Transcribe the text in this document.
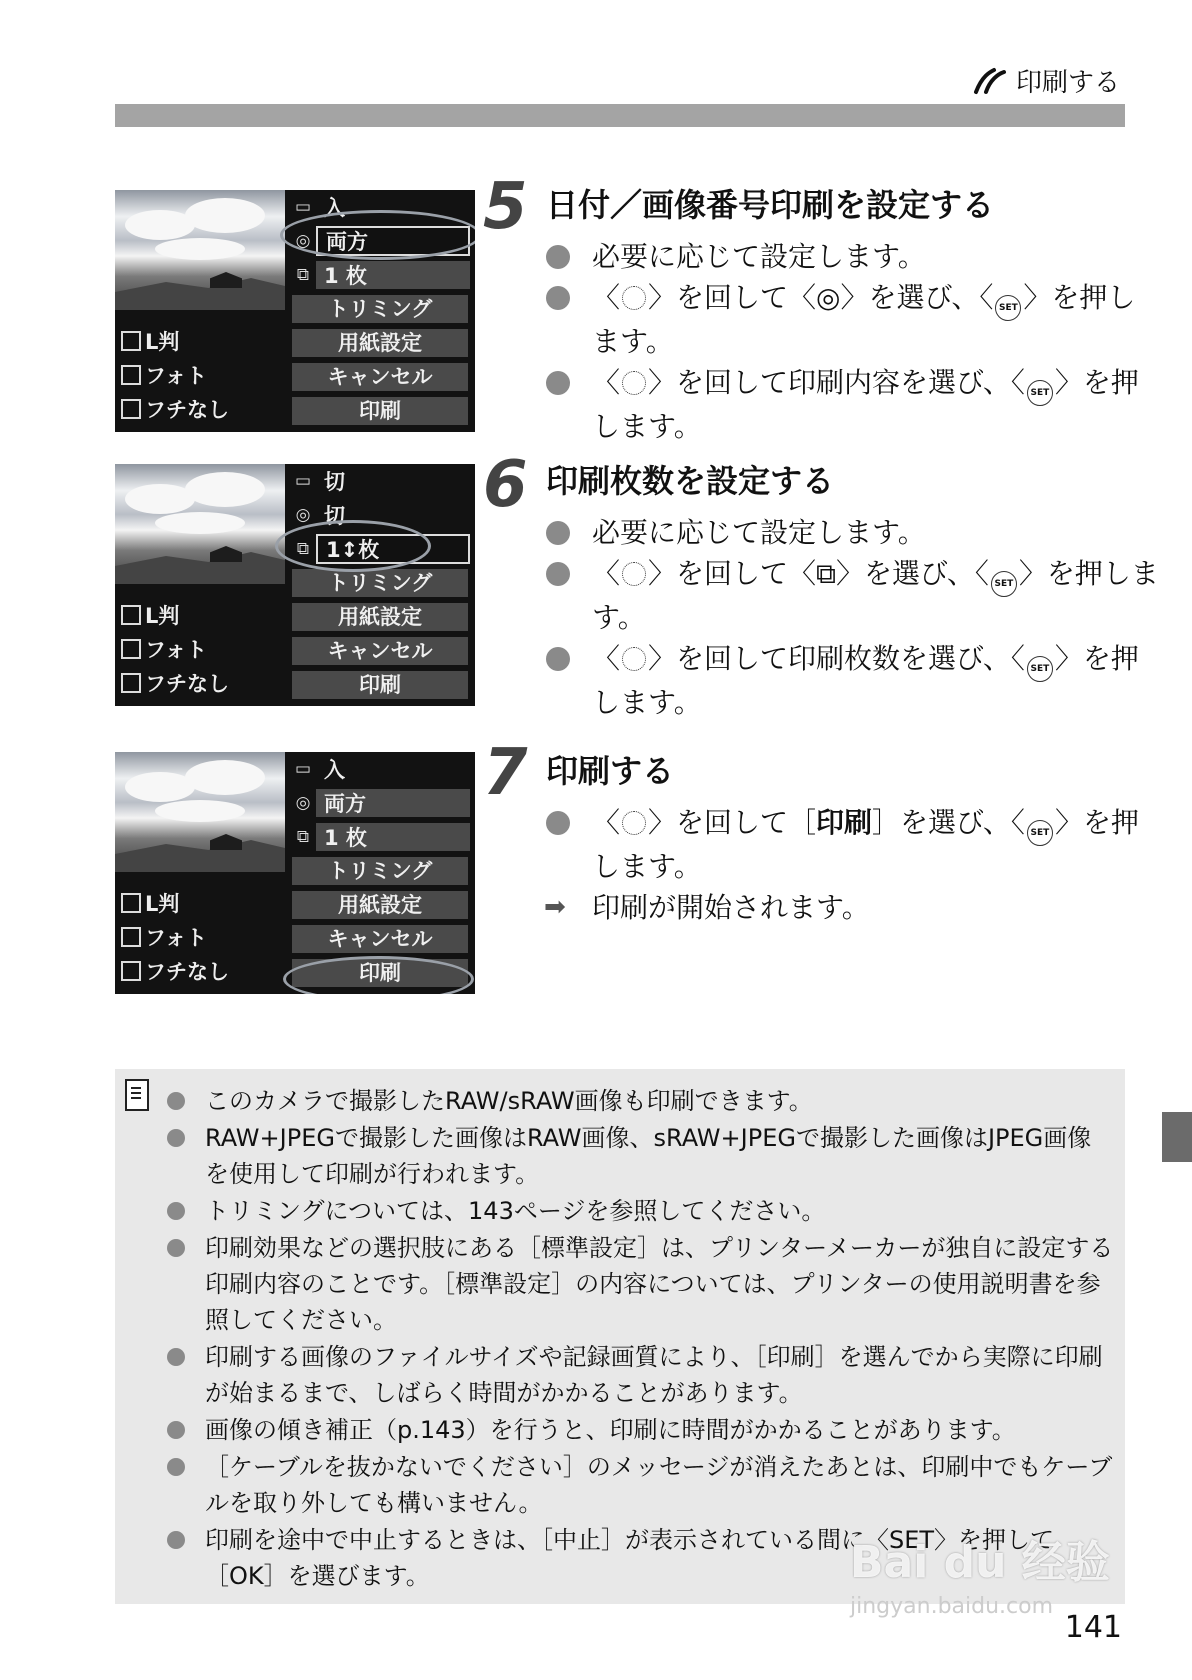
印刷する
▭ 入
◎ 両方
⧉ 1 枚
トリミング
用紙設定
キャンセル
印刷
L判
フォト
フチなし
▭ 切
◎ 切
⧉ 1↕枚
トリミング
用紙設定
キャンセル
印刷
L判
フォト
フチなし
▭ 入
◎ 両方
⧉ 1 枚
トリミング
用紙設定
キャンセル
印刷
L判
フォト
フチなし
5 日付／画像番号印刷を設定する
必要に応じて設定します。
〈 〉を回して〈◎〉を選び、〈 SET 〉を押します。
〈 〉を回して印刷内容を選び、〈 SET 〉を押します。
6 印刷枚数を設定する
必要に応じて設定します。
〈 〉を回して〈⧉〉を選び、〈 SET 〉を押します。
〈 〉を回して印刷枚数を選び、〈 SET 〉を押します。
7 印刷する
〈 〉を回して［印刷］を選び、〈 SET 〉を押します。
➡ 印刷が開始されます。
このカメラで撮影したRAW/sRAW画像も印刷できます。
RAW+JPEGで撮影した画像はRAW画像、sRAW+JPEGで撮影した画像はJPEG画像を使用して印刷が行われます。
トリミングについては、143ページを参照してください。
印刷効果などの選択肢にある［標準設定］は、プリンターメーカーが独自に設定する印刷内容のことです。［標準設定］の内容については、プリンターの使用説明書を参照してください。
印刷する画像のファイルサイズや記録画質により、［印刷］を選んでから実際に印刷が始まるまで、しばらく時間がかかることがあります。
画像の傾き補正（p.143）を行うと、印刷に時間がかかることがあります。
［ケーブルを抜かないでください］のメッセージが消えたあとは、印刷中でもケーブルを取り外しても構いません。
印刷を途中で中止するときは、［中止］が表示されている間に〈SET〉を押して［OK］を選びます。	Bai du 经验
jingyan.baidu.com
141
